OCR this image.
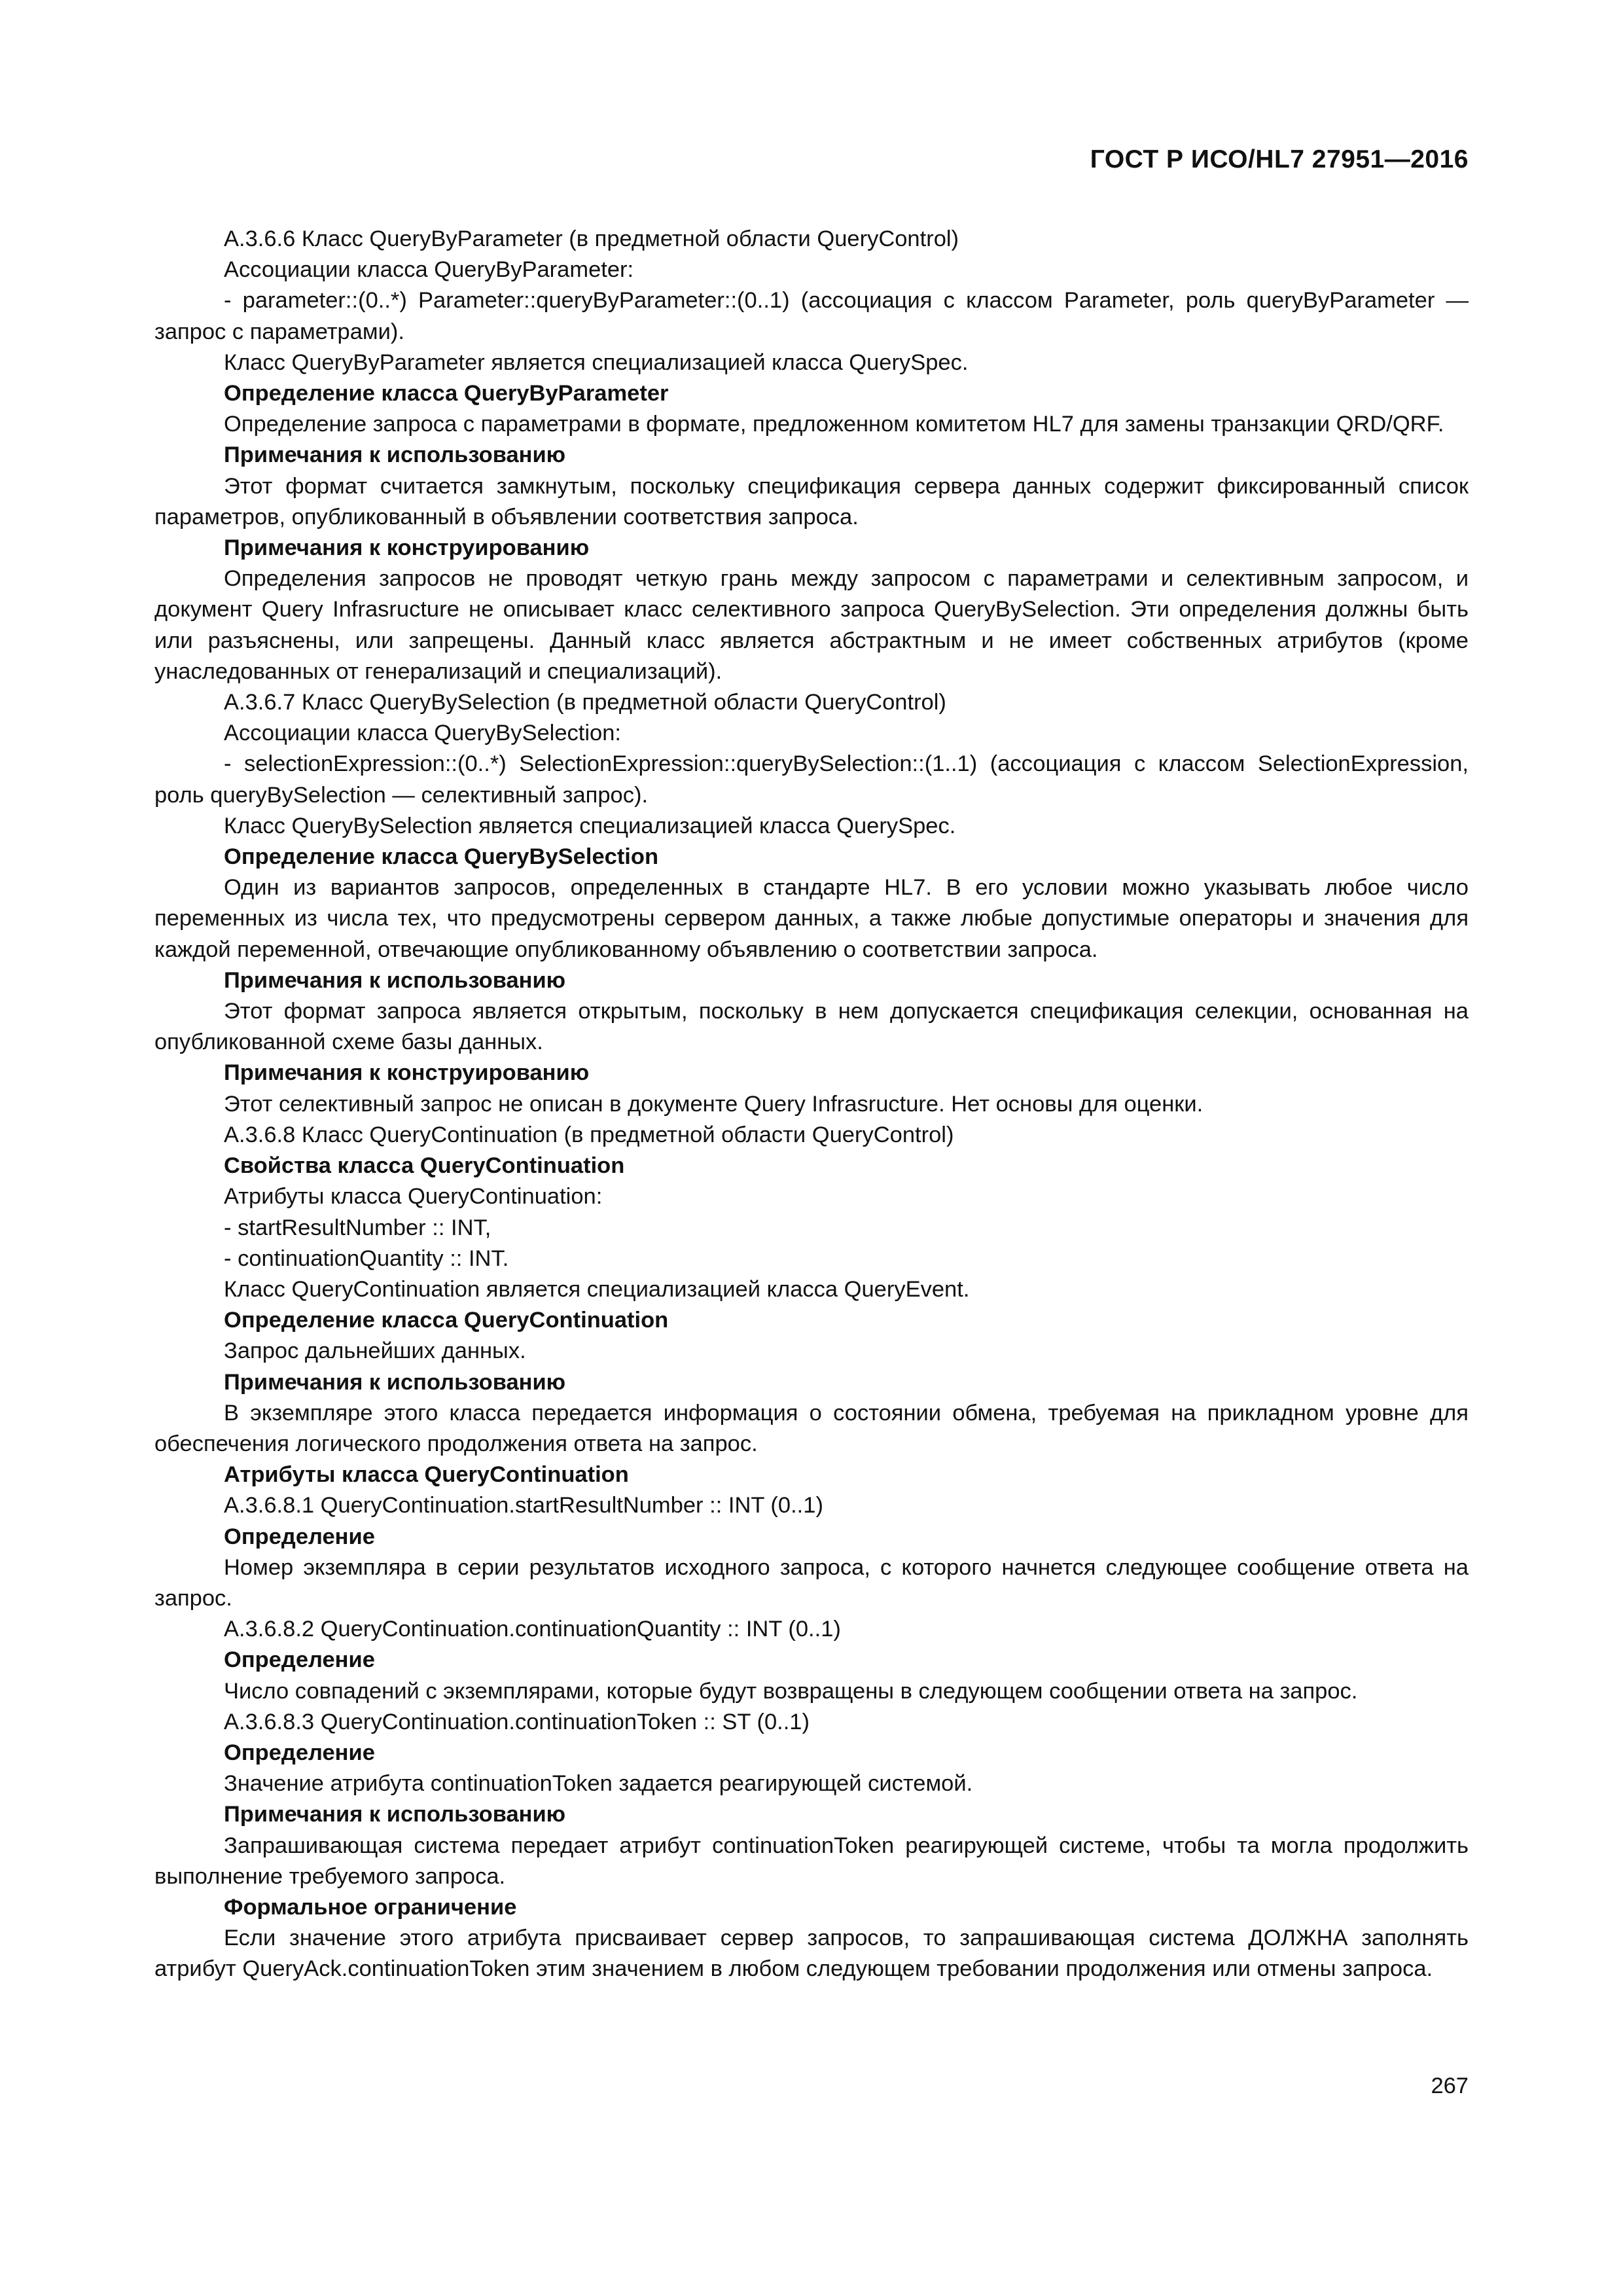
ГОСТ Р ИСО/HL7 27951—2016

А.3.6.6 Класс QueryByParameter (в предметной области QueryControl)

Ассоциации класса QueryByParameter:

- parameter::(0..*) Parameter::queryByParameter::(0..1) (ассоциация с классом Parameter, роль queryByParameter — запрос с параметрами).

Класс QueryByParameter является специализацией класса QuerySpec.

Определение класса QueryByParameter

Определение запроса с параметрами в формате, предложенном комитетом HL7 для замены транзакции QRD/QRF.

Примечания к использованию

Этот формат считается замкнутым, поскольку спецификация сервера данных содержит фиксированный список параметров, опубликованный в объявлении соответствия запроса.

Примечания к конструированию

Определения запросов не проводят четкую грань между запросом с параметрами и селективным запросом, и документ Query Infrasructure не описывает класс селективного запроса QueryBySelection. Эти определения должны быть или разъяснены, или запрещены. Данный класс является абстрактным и не имеет собственных атрибутов (кроме унаследованных от генерализаций и специализаций).

А.3.6.7 Класс QueryBySelection (в предметной области QueryControl)

Ассоциации класса QueryBySelection:

- selectionExpression::(0..*) SelectionExpression::queryBySelection::(1..1) (ассоциация с классом SelectionExpression, роль queryBySelection — селективный запрос).

Класс QueryBySelection является специализацией класса QuerySpec.

Определение класса QueryBySelection

Один из вариантов запросов, определенных в стандарте HL7. В его условии можно указывать любое число переменных из числа тех, что предусмотрены сервером данных, а также любые допустимые операторы и значения для каждой переменной, отвечающие опубликованному объявлению о соответствии запроса.

Примечания к использованию

Этот формат запроса является открытым, поскольку в нем допускается спецификация селекции, основанная на опубликованной схеме базы данных.

Примечания к конструированию

Этот селективный запрос не описан в документе Query Infrasructure. Нет основы для оценки.

А.3.6.8 Класс QueryContinuation (в предметной области QueryControl)

Свойства класса QueryContinuation

Атрибуты класса QueryContinuation:

- startResultNumber :: INT,

- continuationQuantity :: INT.

Класс QueryContinuation является специализацией класса QueryEvent.

Определение класса QueryContinuation

Запрос дальнейших данных.

Примечания к использованию

В экземпляре этого класса передается информация о состоянии обмена, требуемая на прикладном уровне для обеспечения логического продолжения ответа на запрос.

Атрибуты класса QueryContinuation

А.3.6.8.1 QueryContinuation.startResultNumber :: INT (0..1)

Определение

Номер экземпляра в серии результатов исходного запроса, с которого начнется следующее сообщение ответа на запрос.

А.3.6.8.2 QueryContinuation.continuationQuantity :: INT (0..1)

Определение

Число совпадений с экземплярами, которые будут возвращены в следующем сообщении ответа на запрос.

А.3.6.8.3 QueryContinuation.continuationToken :: ST (0..1)

Определение

Значение атрибута continuationToken задается реагирующей системой.

Примечания к использованию

Запрашивающая система передает атрибут continuationToken реагирующей системе, чтобы та могла продолжить выполнение требуемого запроса.

Формальное ограничение

Если значение этого атрибута присваивает сервер запросов, то запрашивающая система ДОЛЖНА заполнять атрибут QueryAck.continuationToken этим значением в любом следующем требовании продолжения или отмены запроса.

267
